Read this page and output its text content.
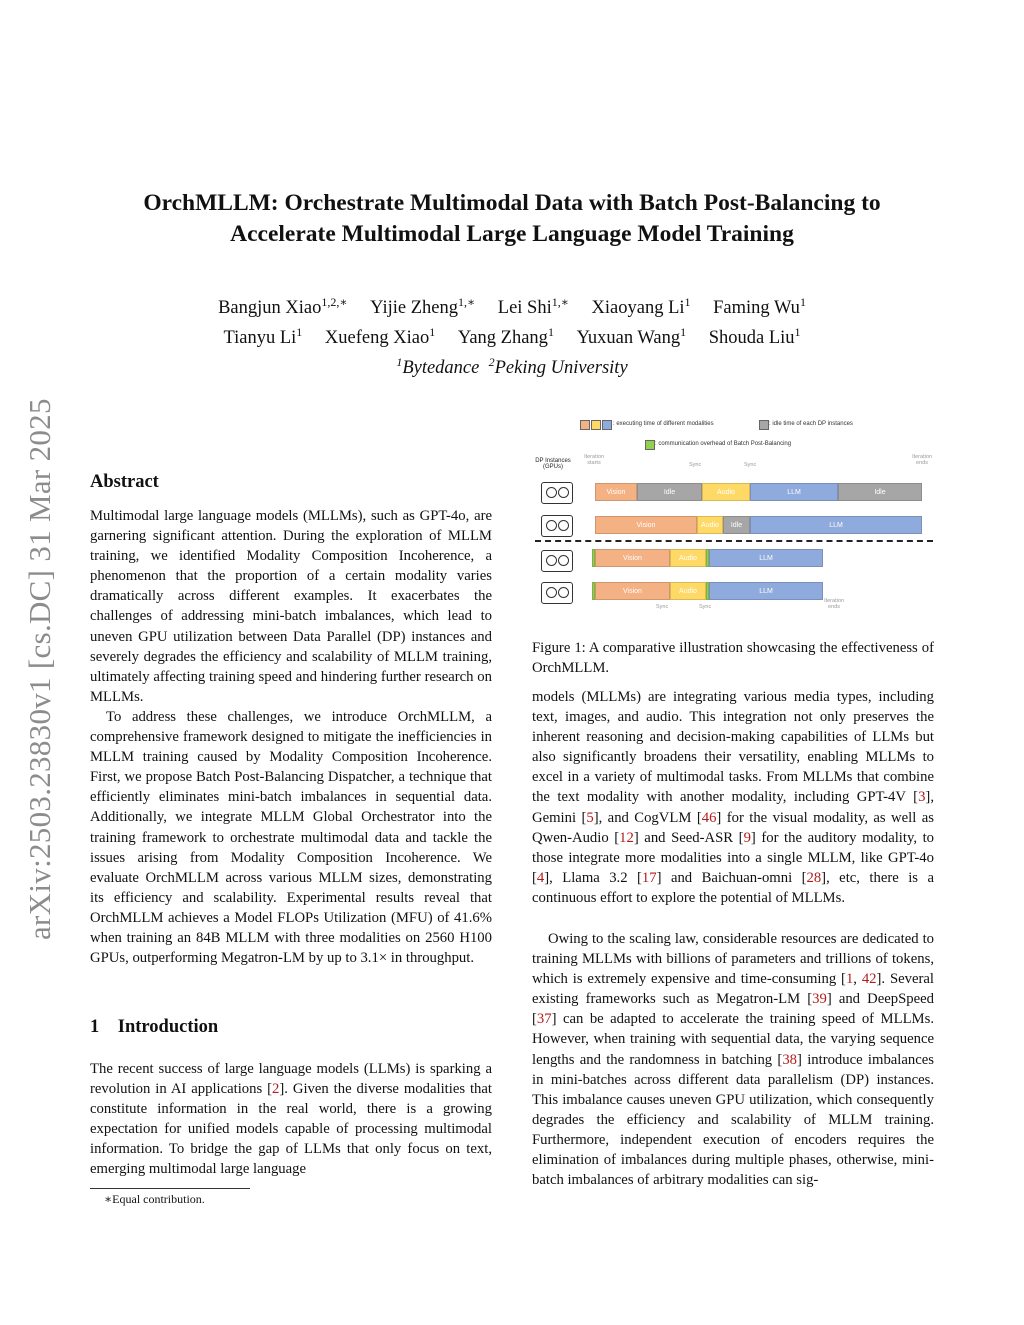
arXiv:2503.23830v1 [cs.DC] 31 Mar 2025
OrchMLLM: Orchestrate Multimodal Data with Batch Post-Balancing to
Accelerate Multimodal Large Language Model Training
Bangjun Xiao$^{1,2,∗}$ Yijie Zheng$^{1,∗}$ Lei Shi$^{1,∗}$ Xiaoyang Li$^1$ Faming Wu$^1$
Tianyu Li$^1$ Xuefeng Xiao$^1$ Yang Zhang$^1$ Yuxuan Wang$^1$ Shouda Liu$^1$
$^1$Bytedance $^2$Peking University
Abstract
Multimodal large language models (MLLMs), such as GPT-4o, are garnering significant attention. During the exploration of MLLM training, we identified Modality Composition Incoherence, a phenomenon that the proportion of a certain modality varies dramatically across different examples. It exacerbates the challenges of addressing mini-batch imbalances, which lead to uneven GPU utilization between Data Parallel (DP) instances and severely degrades the efficiency and scalability of MLLM training, ultimately affecting training speed and hindering further research on MLLMs.
To address these challenges, we introduce OrchMLLM, a comprehensive framework designed to mitigate the inefficiencies in MLLM training caused by Modality Composition Incoherence. First, we propose Batch Post-Balancing Dispatcher, a technique that efficiently eliminates mini-batch imbalances in sequential data. Additionally, we integrate MLLM Global Orchestrator into the training framework to orchestrate multimodal data and tackle the issues arising from Modality Composition Incoherence. We evaluate OrchMLLM across various MLLM sizes, demonstrating its efficiency and scalability. Experimental results reveal that OrchMLLM achieves a Model FLOPs Utilization (MFU) of 41.6% when training an 84B MLLM with three modalities on 2560 H100 GPUs, outperforming Megatron-LM by up to 3.1× in throughput.
1 Introduction
The recent success of large language models (LLMs) is sparking a revolution in AI applications [2]. Given the diverse modalities that constitute information in the real world, there is a growing expectation for unified models capable of processing multimodal information. To bridge the gap of LLMs that only focus on text, emerging multimodal large language
∗Equal contribution.
: executing time of different modalities	: idle time of each DP instances
: communication overhead of Batch Post-Balancing
DP Instances
(GPUs)
Iteration starts	Sync	Sync
Iteration ends
Vision	Idle	Audio	LLM	Idle
Vision	Audio	Idle	LLM
Vision	Audio	LLM
Vision	Audio	LLM
Sync	Sync
Iteration ends
Figure 1: A comparative illustration showcasing the effectiveness of OrchMLLM.
models (MLLMs) are integrating various media types, including text, images, and audio. This integration not only preserves the inherent reasoning and decision-making capabilities of LLMs but also significantly broadens their versatility, enabling MLLMs to excel in a variety of multimodal tasks. From MLLMs that combine the text modality with another modality, including GPT-4V [3], Gemini [5], and CogVLM [46] for the visual modality, as well as Qwen-Audio [12] and Seed-ASR [9] for the auditory modality, to those integrate more modalities into a single MLLM, like GPT-4o [4], Llama 3.2 [17] and Baichuan-omni [28], etc, there is a continuous effort to explore the potential of MLLMs.
Owing to the scaling law, considerable resources are dedicated to training MLLMs with billions of parameters and trillions of tokens, which is extremely expensive and time-consuming [1, 42]. Several existing frameworks such as Megatron-LM [39] and DeepSpeed [37] can be adapted to accelerate the training speed of MLLMs. However, when training with sequential data, the varying sequence lengths and the randomness in batching [38] introduce imbalances in mini-batches across different data parallelism (DP) instances. This imbalance causes uneven GPU utilization, which consequently degrades the efficiency and scalability of MLLM training. Furthermore, independent execution of encoders requires the elimination of imbalances during multiple phases, otherwise, mini-batch imbalances of arbitrary modalities can sig-
